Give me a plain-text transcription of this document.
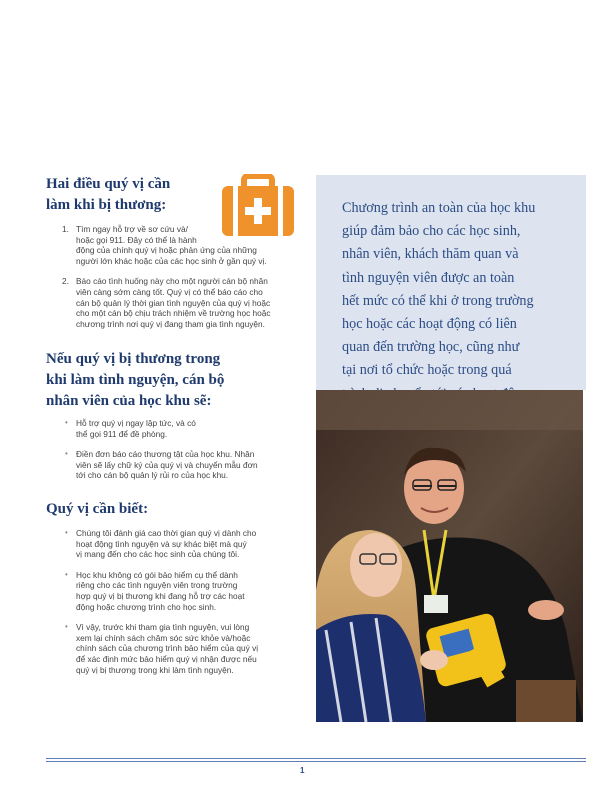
Hai điều quý vị cần
làm khi bị thương:
1. Tìm ngay hỗ trợ về sơ cứu và/
hoặc gọi 911. Đây có thể là hành
động của chính quý vị hoặc phản ứng của những
người lớn khác hoặc của các học sinh ở gần quý vị.
2. Báo cáo tình huống này cho một người cán bộ nhân
viên càng sớm càng tốt. Quý vị có thể báo cáo cho
cán bộ quản lý thời gian tình nguyện của quý vị hoặc
cho một cán bộ chịu trách nhiệm về trường học hoặc
chương trình nơi quý vị đang tham gia tình nguyện.
Nếu quý vị bị thương trong
khi làm tình nguyện, cán bộ
nhân viên của học khu sẽ:
• Hỗ trợ quý vị ngay lập tức, và có
thể gọi 911 để đề phòng.
• Điền đơn báo cáo thương tật của học khu. Nhân
viên sẽ lấy chữ ký của quý vị và chuyển mẫu đơn
tới cho cán bộ quản lý rủi ro của học khu.
Quý vị cần biết:
• Chúng tôi đánh giá cao thời gian quý vị dành cho
hoạt động tình nguyện và sự khác biệt mà quý
vị mang đến cho các học sinh của chúng tôi.
• Học khu không có gói bảo hiểm cụ thể dành
riêng cho các tình nguyện viên trong trường
hợp quý vị bị thương khi đang hỗ trợ các hoạt
động hoặc chương trình cho học sinh.
• Vì vậy, trước khi tham gia tình nguyện, vui lòng
xem lại chính sách chăm sóc sức khỏe và/hoặc
chính sách của chương trình bảo hiểm của quý vị
để xác định mức bảo hiểm quý vị nhận được nếu
quý vị bị thương trong khi làm tình nguyện.
Chương trình an toàn của học khu
giúp đảm bảo cho các học sinh,
nhân viên, khách thăm quan và
tình nguyện viên được an toàn
hết mức có thể khi ở trong trường
học hoặc các hoạt động có liên
quan đến trường học, cũng như
tại nơi tổ chức hoặc trong quá
1
